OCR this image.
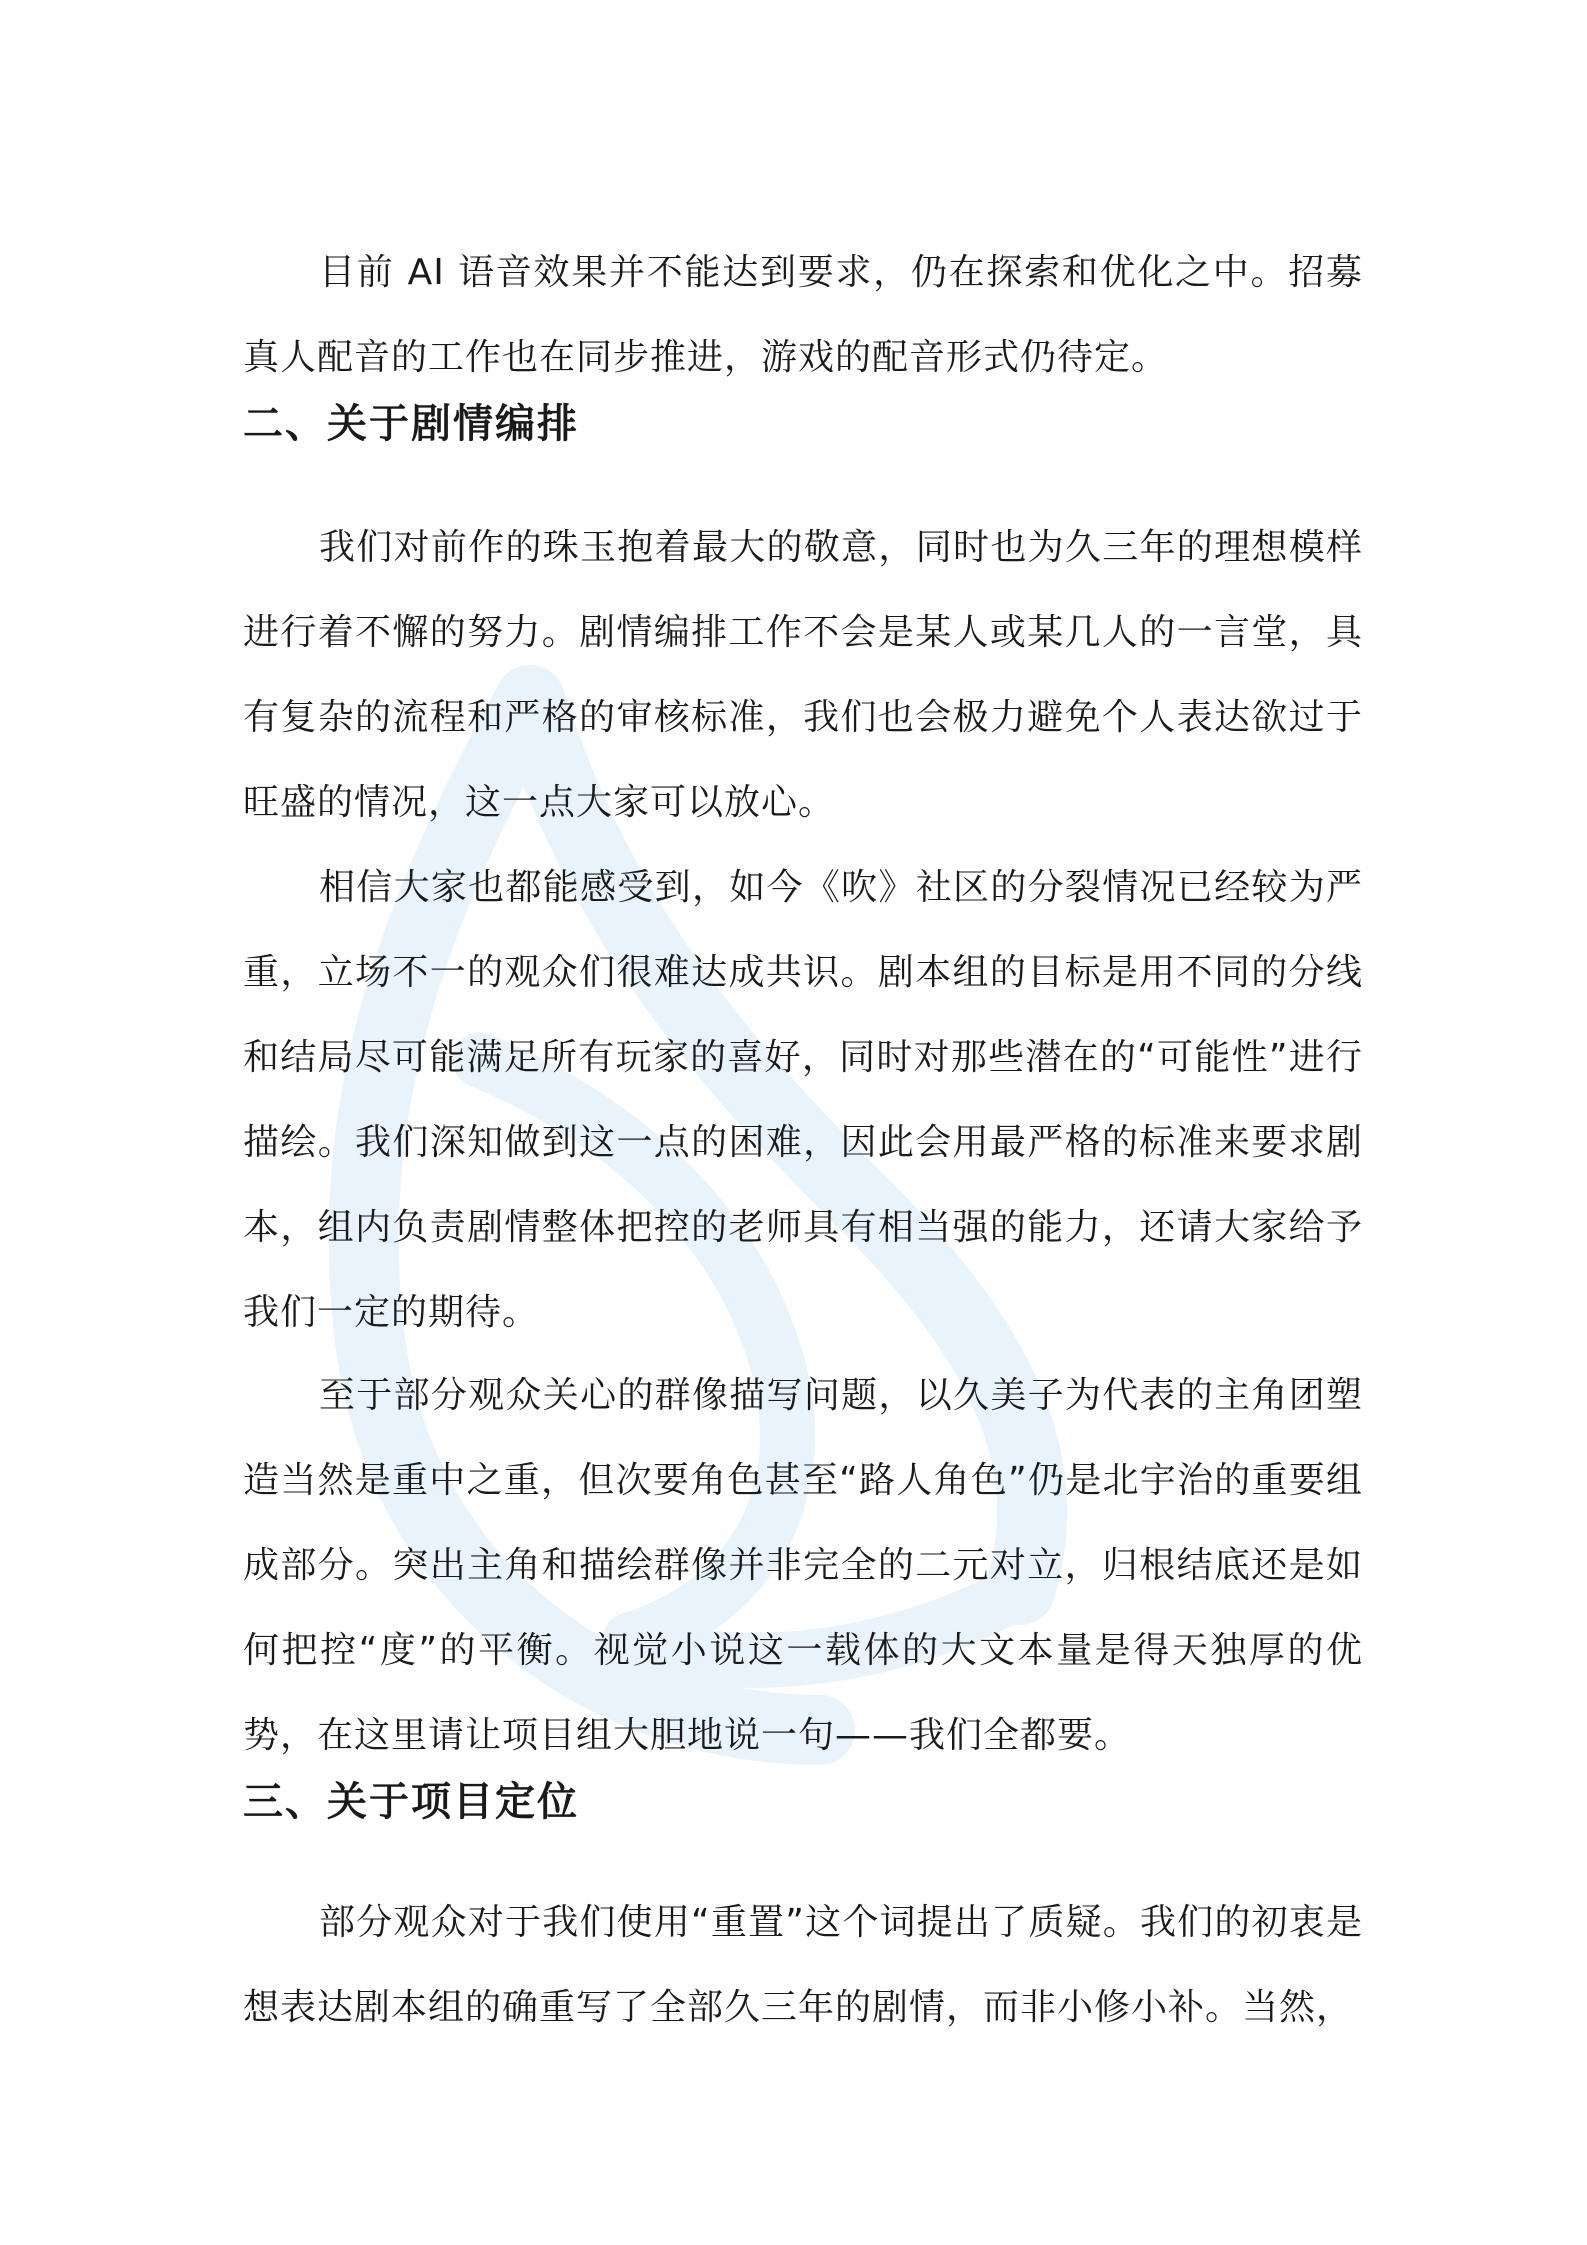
目前 AI 语音效果并不能达到要求，仍在探索和优化之中。招募真人配音的工作也在同步推进，游戏的配音形式仍待定。

二、关于剧情编排

我们对前作的珠玉抱着最大的敬意，同时也为久三年的理想模样进行着不懈的努力。剧情编排工作不会是某人或某几人的一言堂，具有复杂的流程和严格的审核标准，我们也会极力避免个人表达欲过于旺盛的情况，这一点大家可以放心。

相信大家也都能感受到，如今《吹》社区的分裂情况已经较为严重，立场不一的观众们很难达成共识。剧本组的目标是用不同的分线和结局尽可能满足所有玩家的喜好，同时对那些潜在的“可能性”进行描绘。我们深知做到这一点的困难，因此会用最严格的标准来要求剧本，组内负责剧情整体把控的老师具有相当强的能力，还请大家给予我们一定的期待。

至于部分观众关心的群像描写问题，以久美子为代表的主角团塑造当然是重中之重，但次要角色甚至“路人角色”仍是北宇治的重要组成部分。突出主角和描绘群像并非完全的二元对立，归根结底还是如何把控“度”的平衡。视觉小说这一载体的大文本量是得天独厚的优势，在这里请让项目组大胆地说一句——我们全都要。

三、关于项目定位

部分观众对于我们使用“重置”这个词提出了质疑。我们的初衷是想表达剧本组的确重写了全部久三年的剧情，而非小修小补。当然，
